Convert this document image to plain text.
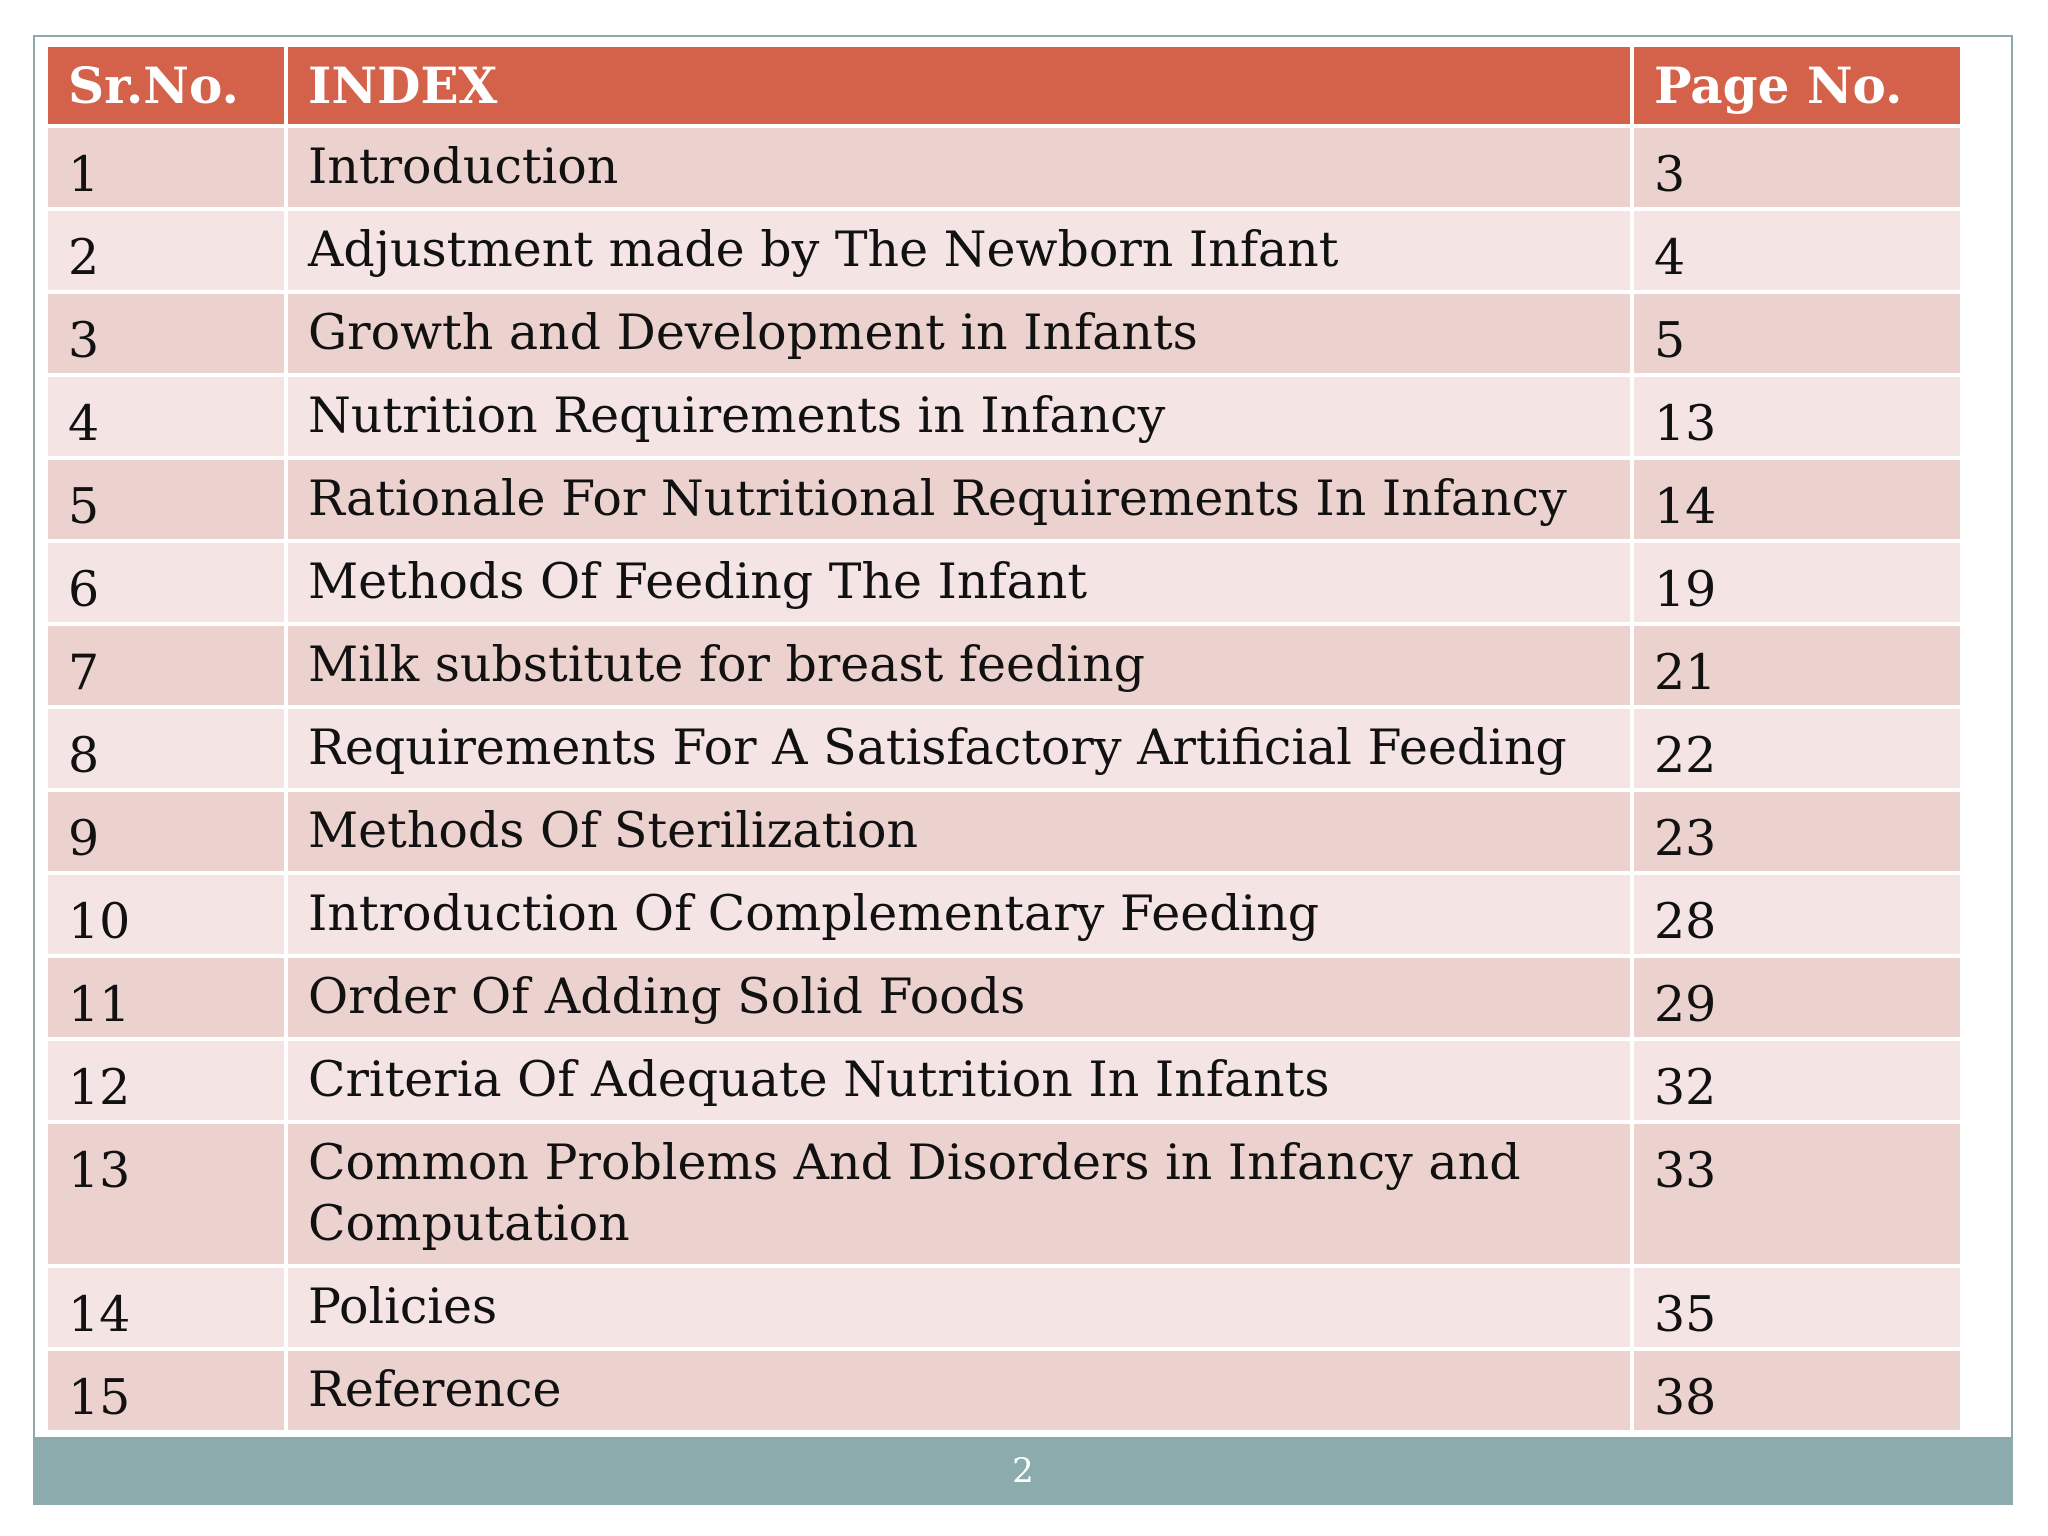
Sr.No.	INDEX	Page No.
1	Introduction	3
2	Adjustment made by The Newborn Infant	4
3	Growth and Development in Infants	5
4	Nutrition Requirements in Infancy	13
5	Rationale For Nutritional Requirements In Infancy	14
6	Methods Of Feeding The Infant	19
7	Milk substitute for breast feeding	21
8	Requirements For A Satisfactory Artificial Feeding	22
9	Methods Of Sterilization	23
10	Introduction Of Complementary Feeding	28
11	Order Of Adding Solid Foods	29
12	Criteria Of Adequate Nutrition In Infants	32
13	Common Problems And Disorders in Infancy and Computation	33
14	Policies	35
15	Reference	38
2
